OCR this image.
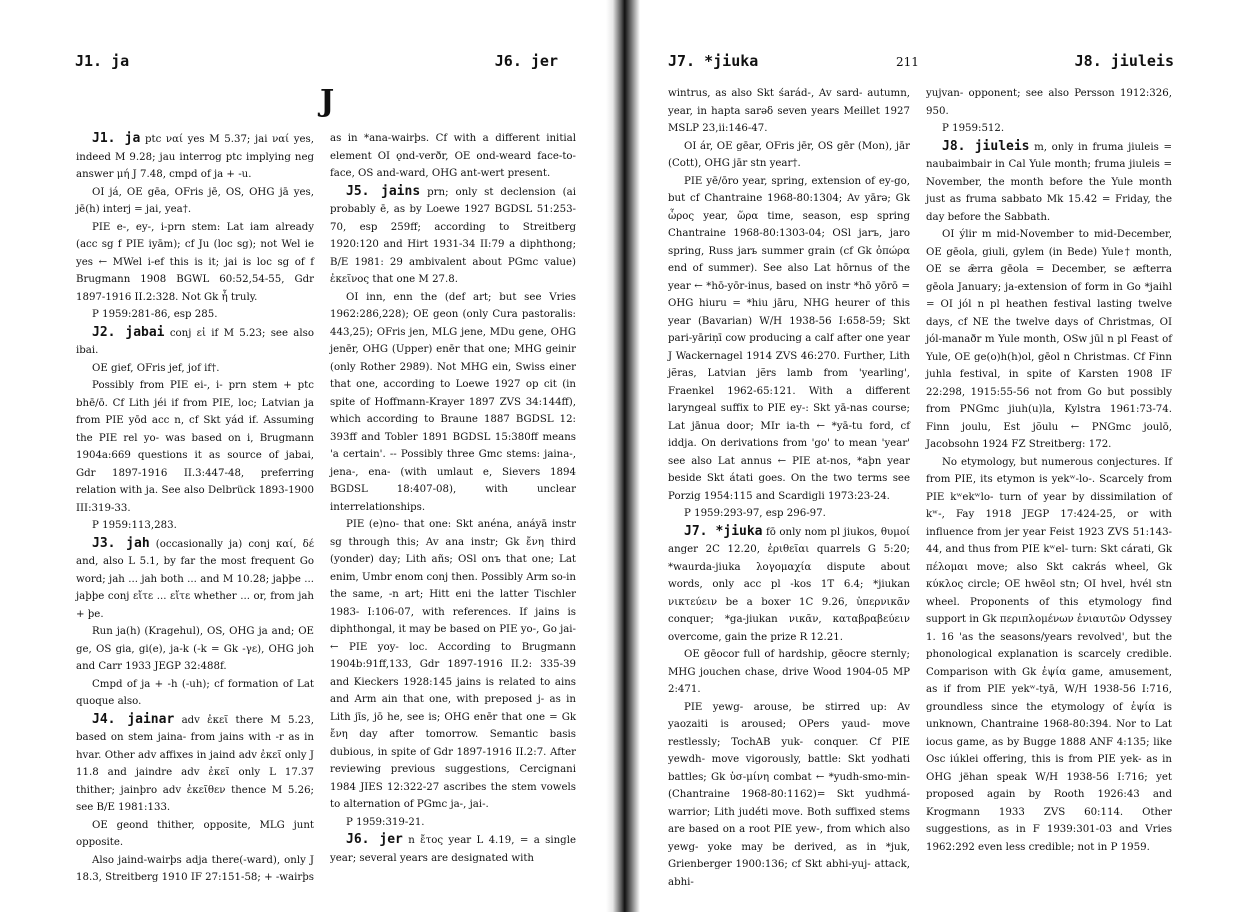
J1. ja	J6. jer
J

J1. ja ptc ναί yes M 5.37; jai ναί yes, indeed M 9.28; jau interrog ptc implying neg answer μή J 7.48, cmpd of ja + -u.

OI já, OE gēa, OFris jē, OS, OHG jā yes, jē(h) interj = jai, yea†.

PIE e-, ey-, i-prn stem: Lat iam already (acc sg f PIE iyām); cf Ju (loc sg); not Wel ie yes ← MWel i-ef this is it; jai is loc sg of f Brugmann 1908 BGWL 60:52,54-55, Gdr 1897-1916 II.2:328. Not Gk ἦ truly.

P 1959:281-86, esp 285.

J2. jabai conj εἰ if M 5.23; see also ibai.

OE gief, OFris jef, jof if†.

Possibly from PIE ei-, i- prn stem + ptc bhē/ō. Cf Lith jéi if from PIE, loc; Latvian ja from PIE yōd acc n, cf Skt yád if. Assuming the PIE rel yo- was based on i, Brugmann 1904a:669 questions it as source of jabai, Gdr 1897-1916 II.3:447-48, preferring relation with ja. See also Delbrück 1893-1900 III:319-33.

P 1959:113,283.

J3. jah (occasionally ja) conj καί, δέ and, also L 5.1, by far the most frequent Go word; jah ... jah both ... and M 10.28; jaþþe ... jaþþe conj εἴτε ... εἴτε whether ... or, from jah + þe.

Run ja(h) (Kragehul), OS, OHG ja and; OE ge, OS gia, gi(e), ja-k (-k = Gk -γε), OHG joh and Carr 1933 JEGP 32:488f.

Cmpd of ja + -h (-uh); cf formation of Lat quoque also.

J4. jainar adv ἐκεῖ there M 5.23, based on stem jaina- from jains with -r as in hvar. Other adv affixes in jaind adv ἐκεῖ only J 11.8 and jaindre adv ἐκεῖ only L 17.37 thither; jainþro adv ἐκεῖθεν thence M 5.26; see B/E 1981:133.

OE geond thither, opposite, MLG junt opposite.

Also jaind-wairþs adja there(-ward), only J 18.3, Streitberg 1910 IF 27:151-58; + -wairþs

as in *ana-wairþs. Cf with a different initial element OI ǫnd-verðr, OE ond-weard face-to-face, OS and-ward, OHG ant-wert present.

J5. jains prn; only st declension (ai probably ē, as by Loewe 1927 BGDSL 51:253-70, esp 259ff; according to Streitberg 1920:120 and Hirt 1931-34 II:79 a diphthong; B/E 1981: 29 ambivalent about PGmc value) ἐκεῖνος that one M 27.8.

OI inn, enn the (def art; but see Vries 1962:286,228); OE geon (only Cura pastoralis: 443,25); OFris jen, MLG jene, MDu gene, OHG jenēr, OHG (Upper) enēr that one; MHG geinir (only Rother 2989). Not MHG ein, Swiss einer that one, according to Loewe 1927 op cit (in spite of Hoffmann-Krayer 1897 ZVS 34:144ff), which according to Braune 1887 BGDSL 12: 393ff and Tobler 1891 BGDSL 15:380ff means 'a certain'. -- Possibly three Gmc stems: jaina-, jena-, ena- (with umlaut e, Sievers 1894 BGDSL 18:407-08), with unclear interrelationships.

PIE (e)no- that one: Skt anéna, anáyā instr sg through this; Av ana instr; Gk ἔνη third (yonder) day; Lith añs; OSl onъ that one; Lat enim, Umbr enom conj then. Possibly Arm so-in the same, -n art; Hitt eni the latter Tischler 1983- I:106-07, with references. If jains is diphthongal, it may be based on PIE yo-, Go jai- ← PIE yoy- loc. According to Brugmann 1904b:91ff,133, Gdr 1897-1916 II.2: 335-39 and Kieckers 1928:145 jains is related to ains and Arm ain that one, with preposed j- as in Lith jīs, jō he, see is; OHG enēr that one = Gk ἔνη day after tomorrow. Semantic basis dubious, in spite of Gdr 1897-1916 II.2:7. After reviewing previous suggestions, Cercignani 1984 JIES 12:322-27 ascribes the stem vowels to alternation of PGmc ja-, jai-.

P 1959:319-21.

J6. jer n ἔτος year L 4.19, = a single year; several years are designated with

J7. *jiuka	211	J8. jiuleis

wintrus, as also Skt śarád-, Av sard- autumn, year, in hapta sarəδ seven years Meillet 1927 MSLP 23,ii:146-47.

OI ár, OE gēar, OFris jēr, OS gēr (Mon), jār (Cott), OHG jār stn year†.

PIE yē/ōro year, spring, extension of ey-go, but cf Chantraine 1968-80:1304; Av yārə; Gk ὧρος year, ὥρα time, season, esp spring Chantraine 1968-80:1303-04; OSl jarъ, jaro spring, Russ jarь summer grain (cf Gk ὀπώρα end of summer). See also Lat hōrnus of the year ← *hō-yōr-inus, based on instr *hō yōrō = OHG hiuru = *hiu jāru, NHG heurer of this year (Bavarian) W/H 1938-56 I:658-59; Skt pari-yāriṇī cow producing a calf after one year J Wackernagel 1914 ZVS 46:270. Further, Lith jẽras, Latvian jẽrs lamb from 'yearling', Fraenkel 1962-65:121. With a different laryngeal suffix to PIE ey-: Skt yā-nas course; Lat jānua door; MIr ia-th ← *yā-tu ford, cf iddja. On derivations from 'go' to mean 'year' see also Lat annus ← PIE at-nos, *aþn year beside Skt átati goes. On the two terms see Porzig 1954:115 and Scardigli 1973:23-24.

P 1959:293-97, esp 296-97.

J7. *jiuka fō only nom pl jiukos, θυμοί anger 2C 12.20, ἐριθεῖαι quarrels G 5:20; *waurda-jiuka λογομαχία dispute about words, only acc pl -kos 1T 6.4; *jiukan νικτεύειν be a boxer 1C 9.26, ὑπερνικᾶν conquer; *ga-jiukan νικᾶν, καταβραβεύειν overcome, gain the prize R 12.21.

OE gēocor full of hardship, gēocre sternly; MHG jouchen chase, drive Wood 1904-05 MP 2:471.

PIE yewg- arouse, be stirred up: Av yaozaiti is aroused; OPers yaud- move restlessly; TochAB yuk- conquer. Cf PIE yewdh- move vigorously, battle: Skt yodhati battles; Gk ὑσ-μίνη combat ← *yudh-smo-min- (Chantraine 1968-80:1162)= Skt yudhmá-warrior; Lith judė́ti move. Both suffixed stems are based on a root PIE yew-, from which also yewg- yoke may be derived, as in *juk, Grienberger 1900:136; cf Skt abhi-yuj- attack, abhi-

yujvan- opponent; see also Persson 1912:326, 950.

P 1959:512.

J8. jiuleis m, only in fruma jiuleis = naubaimbair in Cal Yule month; fruma jiuleis = November, the month before the Yule month just as fruma sabbato Mk 15.42 = Friday, the day before the Sabbath.

OI ýlir m mid-November to mid-December, OE gēola, giuli, gylem (in Bede) Yule† month, OE se ǣrra gēola = December, se æfterra gēola January; ja-extension of form in Go *jaihl = OI jól n pl heathen festival lasting twelve days, cf NE the twelve days of Christmas, OI jól-manaðr m Yule month, OSw jūl n pl Feast of Yule, OE ge(o)h(h)ol, gēol n Christmas. Cf Finn juhla festival, in spite of Karsten 1908 IF 22:298, 1915:55-56 not from Go but possibly from PNGmc jiuh(u)la, Kylstra 1961:73-74. Finn joulu, Est jõulu ← PNGmc joulō, Jacobsohn 1924 FZ Streitberg: 172.

No etymology, but numerous conjectures. If from PIE, its etymon is yekʷ-lo-. Scarcely from PIE kʷekʷlo- turn of year by dissimilation of kʷ-, Fay 1918 JEGP 17:424-25, or with influence from jer year Feist 1923 ZVS 51:143-44, and thus from PIE kʷel- turn: Skt cárati, Gk πέλομαι move; also Skt cakrás wheel, Gk κύκλος circle; OE hwēol stn; OI hvel, hvél stn wheel. Proponents of this etymology find support in Gk περιπλομένων ἐνιαυτῶν Odyssey 1. 16 'as the seasons/years revolved', but the phonological explanation is scarcely credible. Comparison with Gk ἐψία game, amusement, as if from PIE yekʷ-tyā, W/H 1938-56 I:716, groundless since the etymology of ἐψία is unknown, Chantraine 1968-80:394. Nor to Lat iocus game, as by Bugge 1888 ANF 4:135; like Osc iúklei offering, this is from PIE yek- as in OHG jëhan speak W/H 1938-56 I:716; yet proposed again by Rooth 1926:43 and Krogmann 1933 ZVS 60:114. Other suggestions, as in F 1939:301-03 and Vries 1962:292 even less credible; not in P 1959.
